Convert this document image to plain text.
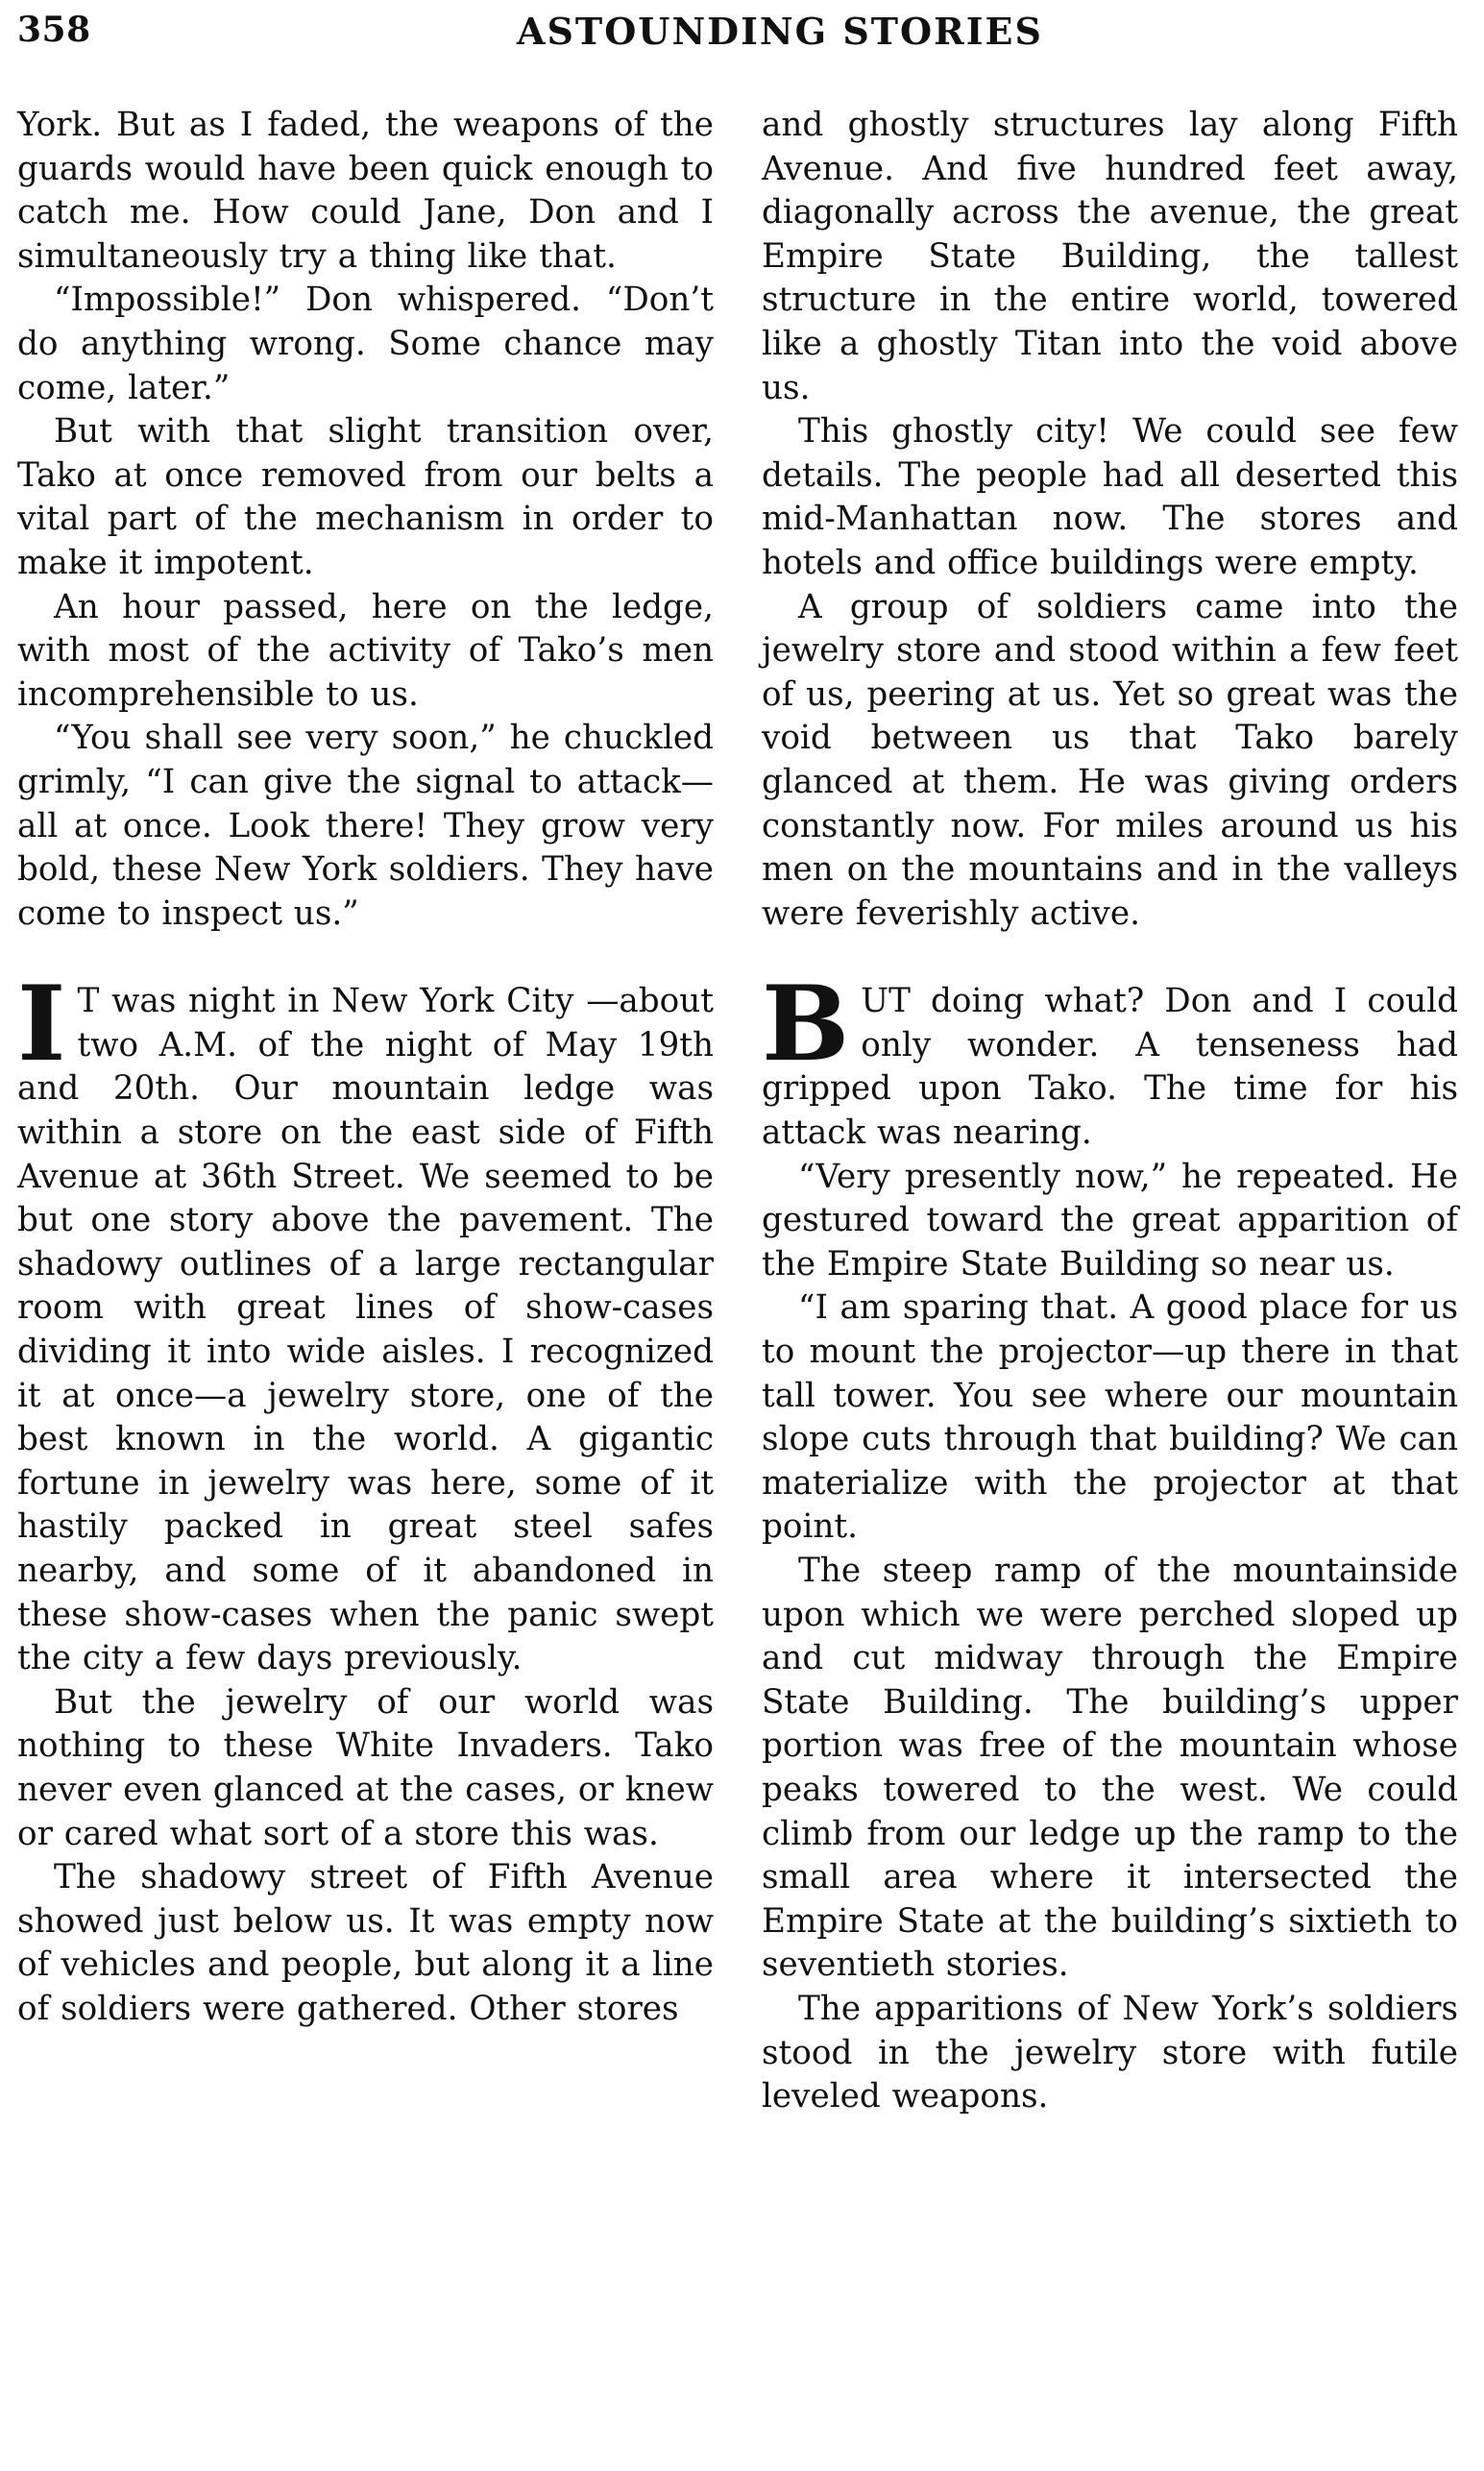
358	ASTOUNDING STORIES

York. But as I faded, the weapons of the guards would have been quick enough to catch me. How could Jane, Don and I simultaneously try a thing like that.

“Impossible!” Don whispered. “Don’t do anything wrong. Some chance may come, later.”

But with that slight transition over, Tako at once removed from our belts a vital part of the mechanism in order to make it impotent.

An hour passed, here on the ledge, with most of the activity of Tako’s men incomprehensible to us.

“You shall see very soon,” he chuckled grimly, “I can give the signal to attack—all at once. Look there! They grow very bold, these New York soldiers. They have come to inspect us.”

I T was night in New York City —about two A.M. of the night of May 19th and 20th. Our mountain ledge was within a store on the east side of Fifth Avenue at 36th Street. We seemed to be but one story above the pavement. The shadowy outlines of a large rectangular room with great lines of show-cases dividing it into wide aisles. I recognized it at once—a jewelry store, one of the best known in the world. A gigantic fortune in jewelry was here, some of it hastily packed in great steel safes nearby, and some of it abandoned in these show-cases when the panic swept the city a few days previously.

But the jewelry of our world was nothing to these White Invaders. Tako never even glanced at the cases, or knew or cared what sort of a store this was.

The shadowy street of Fifth Avenue showed just below us. It was empty now of vehicles and people, but along it a line of soldiers were gathered. Other stores

and ghostly structures lay along Fifth Avenue. And five hundred feet away, diagonally across the avenue, the great Empire State Building, the tallest structure in the entire world, towered like a ghostly Titan into the void above us.

This ghostly city! We could see few details. The people had all deserted this mid-Manhattan now. The stores and hotels and office buildings were empty.

A group of soldiers came into the jewelry store and stood within a few feet of us, peering at us. Yet so great was the void between us that Tako barely glanced at them. He was giving orders constantly now. For miles around us his men on the mountains and in the valleys were feverishly active.

BUT doing what? Don and I could only wonder. A tenseness had gripped upon Tako. The time for his attack was nearing.

“Very presently now,” he repeated. He gestured toward the great apparition of the Empire State Building so near us.

“I am sparing that. A good place for us to mount the projector—up there in that tall tower. You see where our mountain slope cuts through that building? We can materialize with the projector at that point.

The steep ramp of the mountainside upon which we were perched sloped up and cut midway through the Empire State Building. The building’s upper portion was free of the mountain whose peaks towered to the west. We could climb from our ledge up the ramp to the small area where it intersected the Empire State at the building’s sixtieth to seventieth stories.

The apparitions of New York’s soldiers stood in the jewelry store with futile leveled weapons.
